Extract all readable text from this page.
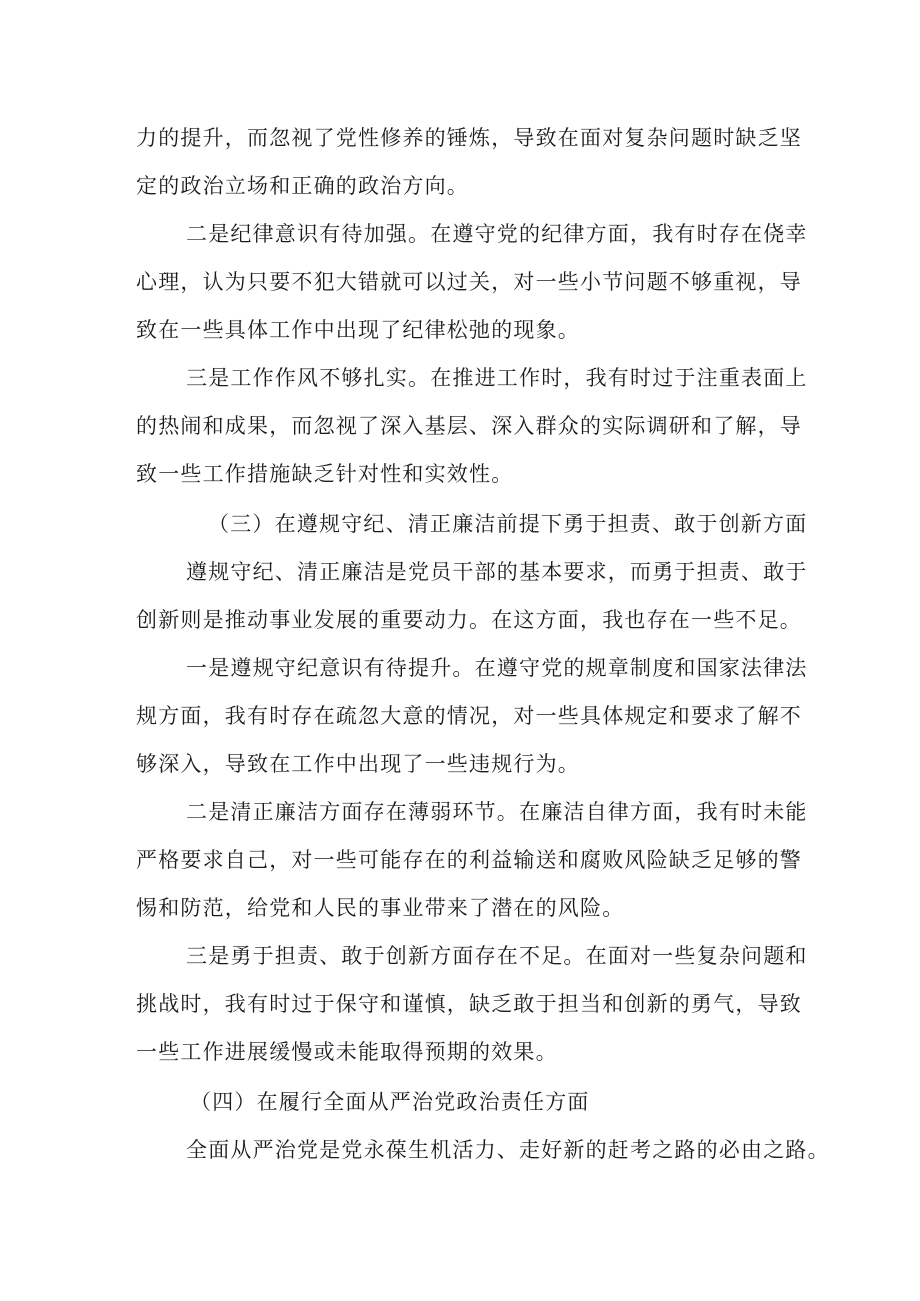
力的提升，而忽视了党性修养的锤炼，导致在面对复杂问题时缺乏坚
定的政治立场和正确的政治方向。
二是纪律意识有待加强。在遵守党的纪律方面，我有时存在侥幸
心理，认为只要不犯大错就可以过关，对一些小节问题不够重视，导
致在一些具体工作中出现了纪律松弛的现象。
三是工作作风不够扎实。在推进工作时，我有时过于注重表面上
的热闹和成果，而忽视了深入基层、深入群众的实际调研和了解，导
致一些工作措施缺乏针对性和实效性。
（三）在遵规守纪、清正廉洁前提下勇于担责、敢于创新方面
遵规守纪、清正廉洁是党员干部的基本要求，而勇于担责、敢于
创新则是推动事业发展的重要动力。在这方面，我也存在一些不足。
一是遵规守纪意识有待提升。在遵守党的规章制度和国家法律法
规方面，我有时存在疏忽大意的情况，对一些具体规定和要求了解不
够深入，导致在工作中出现了一些违规行为。
二是清正廉洁方面存在薄弱环节。在廉洁自律方面，我有时未能
严格要求自己，对一些可能存在的利益输送和腐败风险缺乏足够的警
惕和防范，给党和人民的事业带来了潜在的风险。
三是勇于担责、敢于创新方面存在不足。在面对一些复杂问题和
挑战时，我有时过于保守和谨慎，缺乏敢于担当和创新的勇气，导致
一些工作进展缓慢或未能取得预期的效果。
（四）在履行全面从严治党政治责任方面
全面从严治党是党永葆生机活力、走好新的赶考之路的必由之路。
